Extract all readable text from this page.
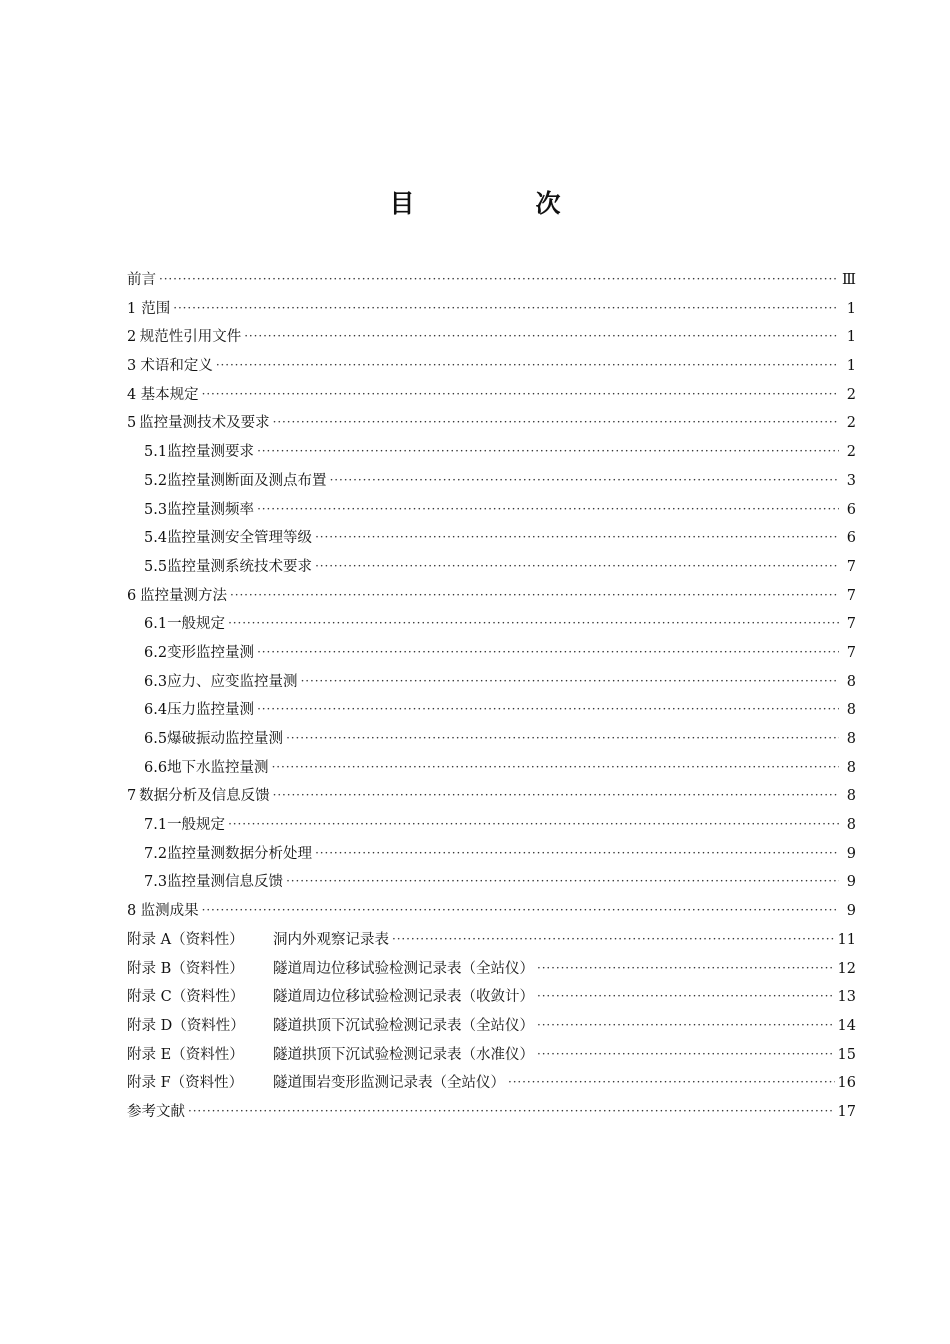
目　次
前言 ·····	Ⅲ
1 范围 ·····	1
2 规范性引用文件 ·····	1
3 术语和定义 ·····	1
4 基本规定 ·····	2
5 监控量测技术及要求 ·····	2
5.1 监控量测要求 ·····	2
5.2 监控量测断面及测点布置 ·····	3
5.3 监控量测频率 ·····	6
5.4 监控量测安全管理等级 ·····	6
5.5 监控量测系统技术要求 ·····	7
6 监控量测方法 ·····	7
6.1 一般规定 ·····	7
6.2 变形监控量测 ·····	7
6.3 应力、应变监控量测 ·····	8
6.4 压力监控量测 ·····	8
6.5 爆破振动监控量测 ·····	8
6.6 地下水监控量测 ·····	8
7 数据分析及信息反馈 ·····	8
7.1 一般规定 ·····	8
7.2 监控量测数据分析处理 ·····	9
7.3 监控量测信息反馈 ·····	9
8 监测成果 ·····	9
附录 A（资料性）	洞内外观察记录表 ·····	11
附录 B（资料性）	隧道周边位移试验检测记录表（全站仪） ·····	12
附录 C（资料性）	隧道周边位移试验检测记录表（收敛计） ·····	13
附录 D（资料性）	隧道拱顶下沉试验检测记录表（全站仪） ·····	14
附录 E（资料性）	隧道拱顶下沉试验检测记录表（水准仪） ·····	15
附录 F（资料性）	隧道围岩变形监测记录表（全站仪） ·····	16
参考文献 ·····	17
